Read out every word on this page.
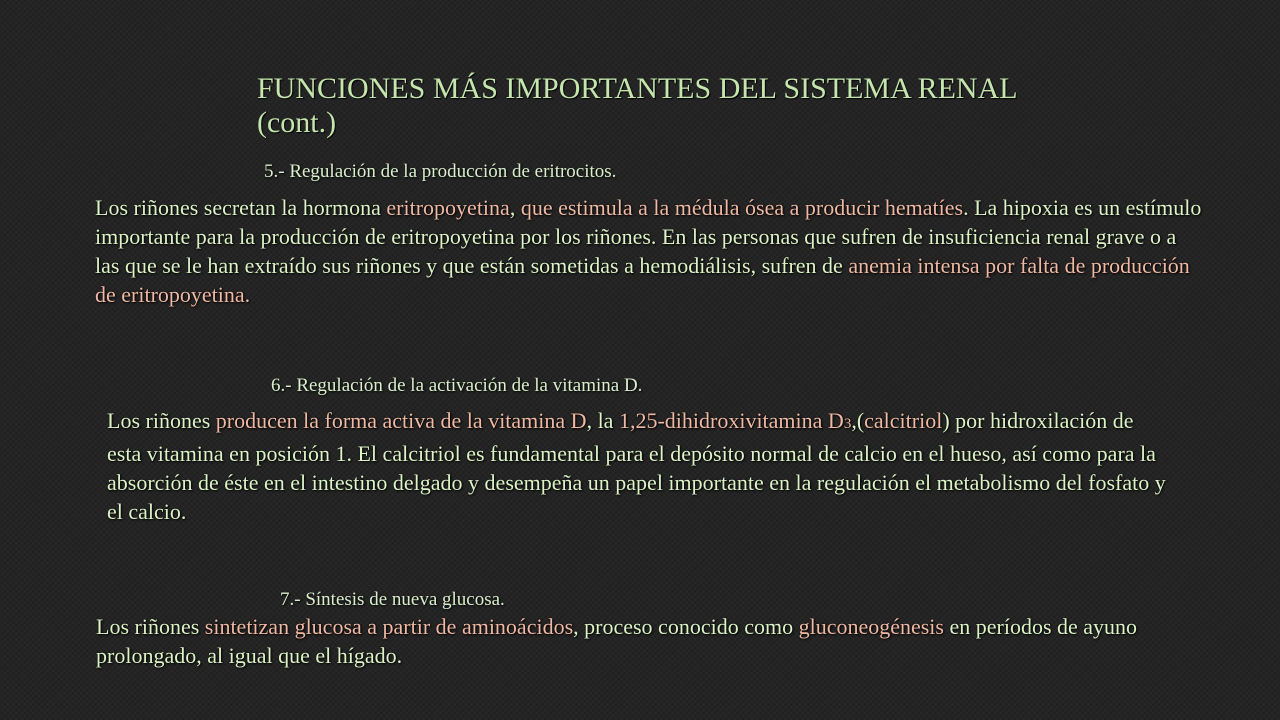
FUNCIONES MÁS IMPORTANTES DEL SISTEMA RENAL (cont.)

5.- Regulación de la producción de eritrocitos.

Los riñones secretan la hormona eritropoyetina, que estimula a la médula ósea a producir hematíes. La hipoxia es un estímulo importante para la producción de eritropoyetina por los riñones. En las personas que sufren de insuficiencia renal grave o a las que se le han extraído sus riñones y que están sometidas a hemodiálisis, sufren de anemia intensa por falta de producción de eritropoyetina.

6.- Regulación de la activación de la vitamina D.

Los riñones producen la forma activa de la vitamina D, la 1,25-dihidroxivitamina D3,(calcitriol) por hidroxilación de esta vitamina en posición 1. El calcitriol es fundamental para el depósito normal de calcio en el hueso, así como para la absorción de éste en el intestino delgado y desempeña un papel importante en la regulación el metabolismo del fosfato y el calcio.

7.- Síntesis de nueva glucosa.

Los riñones sintetizan glucosa a partir de aminoácidos, proceso conocido como gluconeogénesis en períodos de ayuno prolongado, al igual que el hígado.
